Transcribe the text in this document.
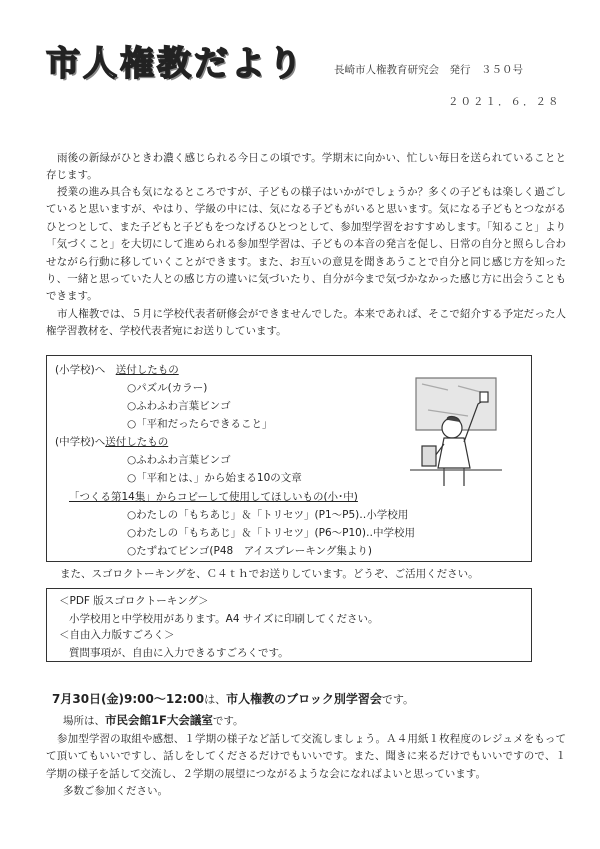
市人権教だより	長崎市人権教育研究会　発行　３５０号
２０２１．６．２８

雨後の新緑がひときわ濃く感じられる今日この頃です。学期末に向かい、忙しい毎日を送られていることと存じます。

授業の進み具合も気になるところですが、子どもの様子はいかがでしょうか？多くの子どもは楽しく過ごしていると思いますが、やはり、学級の中には、気になる子どもがいると思います。気になる子どもとつながるひとつとして、また子どもと子どもをつなげるひとつとして、参加型学習をおすすめします。「知ること」より「気づくこと」を大切にして進められる参加型学習は、子どもの本音の発言を促し、日常の自分と照らし合わせながら行動に移していくことができます。また、お互いの意見を聞きあうことで自分と同じ感じ方を知ったり、一緒と思っていた人との感じ方の違いに気づいたり、自分が今まで気づかなかった感じ方に出会うこともできます。

市人権教では、５月に学校代表者研修会ができませんでした。本来であれば、そこで紹介する予定だった人権学習教材を、学校代表者宛にお送りしています。

(小学校)へ　送付したもの
○パズル(カラー)
○ふわふわ言葉ビンゴ
○「平和だったらできること」
(中学校)へ送付したもの
○ふわふわ言葉ビンゴ
○「平和とは、」から始まる10の文章
「つくる第14集」からコピーして使用してほしいもの(小･中)
○わたしの「もちあじ」＆「トリセツ」(P1～P5)‥小学校用
○わたしの「もちあじ」＆「トリセツ」(P6～P10)‥中学校用
○たずねてビンゴ(P48　アイスブレーキング集より)
また、スゴロクトーキングを、Ｃ４ｔｈでお送りしています。どうぞ、ご活用ください。
＜PDF 版スゴロクトーキング＞
小学校用と中学校用があります。A4 サイズに印刷してください。
＜自由入力版すごろく＞
質問事項が、自由に入力できるすごろくです。
7月30日(金)9:00～12:00は、市人権教のブロック別学習会です。
場所は、市民会館1F大会議室です。

参加型学習の取組や感想、１学期の様子など話して交流しましょう。Ａ４用紙１枚程度のレジュメをもってて頂いてもいいですし、話しをしてくださるだけでもいいです。また、聞きに来るだけでもいいですので、１学期の様子を話して交流し、２学期の展望につながるような会になればよいと思っています。

多数ご参加ください。
